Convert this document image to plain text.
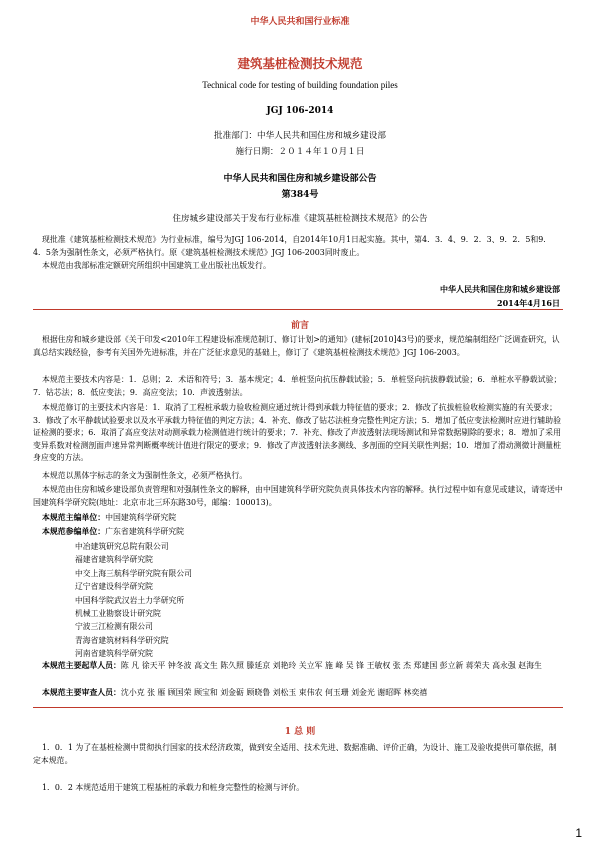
中华人民共和国行业标准
建筑基桩检测技术规范
Technical code for testing of building foundation piles
JGJ 106-2014
批准部门：中华人民共和国住房和城乡建设部
施行日期：２０１４年１０月１日
中华人民共和国住房和城乡建设部公告
第384号
住房城乡建设部关于发布行业标准《建筑基桩检测技术规范》的公告
现批准《建筑基桩检测技术规范》为行业标准，编号为JGJ 106-2014，自2014年10月1日起实施。其中，第4．3．4、9．2．3、9．2．5和9．4．5条为强制性条文，必须严格执行。原《建筑基桩检测技术规范》JGJ 106-2003同时废止。
本规范由我部标准定额研究所组织中国建筑工业出版社出版发行。
中华人民共和国住房和城乡建设部
2014年4月16日
前言
根据住房和城乡建设部《关于印发<2010年工程建设标准规范制订、修订计划>的通知》(建标[2010]43号)的要求，规范编制组经广泛调查研究，认真总结实践经验，参考有关国外先进标准，并在广泛征求意见的基础上，修订了《建筑基桩检测技术规范》JGJ 106-2003。
本规范主要技术内容是：1．总则；2．术语和符号；3．基本规定；4．单桩竖向抗压静载试验；5．单桩竖向抗拔静载试验；6．单桩水平静载试验；7．钻芯法；8．低应变法；9．高应变法；10．声波透射法。
本规范修订的主要技术内容是：1．取消了工程桩承载力验收检测应通过统计得到承载力特征值的要求；2．修改了抗拔桩验收检测实施的有关要求；3．修改了水平静载试验要求以及水平承载力特征值的判定方法；4．补充、修改了钻芯法桩身完整性判定方法；5．增加了低应变法检测时应进行辅助验证检测的要求；6．取消了高应变法对动测承载力检测值进行统计的要求；7．补充、修改了声波透射法现场测试和异常数据剔除的要求；8．增加了采用变异系数对检测剖面声速异常判断概率统计值进行限定的要求；9．修改了声波透射法多测线、多剖面的空间关联性判据；10．增加了滑动测微计测量桩身应变的方法。
本规范以黑体字标志的条文为强制性条文，必须严格执行。
本规范由住房和城乡建设部负责管理和对强制性条文的解释，由中国建筑科学研究院负责具体技术内容的解释。执行过程中如有意见或建议，请寄送中国建筑科学研究院(地址：北京市北三环东路30号，邮编：100013)。
本规范主编单位：中国建筑科学研究院
本规范参编单位：广东省建筑科学研究院
中冶建筑研究总院有限公司
福建省建筑科学研究院
中交上海三航科学研究院有限公司
辽宁省建设科学研究院
中国科学院武汉岩土力学研究所
机械工业勘察设计研究院
宁波三江检测有限公司
青海省建筑材料科学研究院
河南省建筑科学研究院
本规范主要起草人员：陈 凡 徐天平 钟冬波 高文生 陈久照 滕延京 刘艳玲 关立军 施 峰 吴 锋 王敏权 张 杰 郑建国 彭立新 蒋荣夫 高永强 赵海生
本规范主要审查人员：沈小克 张 雁 顾国荣 顾宝和 刘金砺 顾晓鲁 刘松玉 束伟农 何玉珊 刘金光 谢昭晖 林奕禧
1 总 则
1．0．1 为了在基桩检测中贯彻执行国家的技术经济政策，做到安全适用、技术先进、数据准确、评价正确，为设计、施工及验收提供可靠依据，制定本规范。
1．0．2 本规范适用于建筑工程基桩的承载力和桩身完整性的检测与评价。
1
